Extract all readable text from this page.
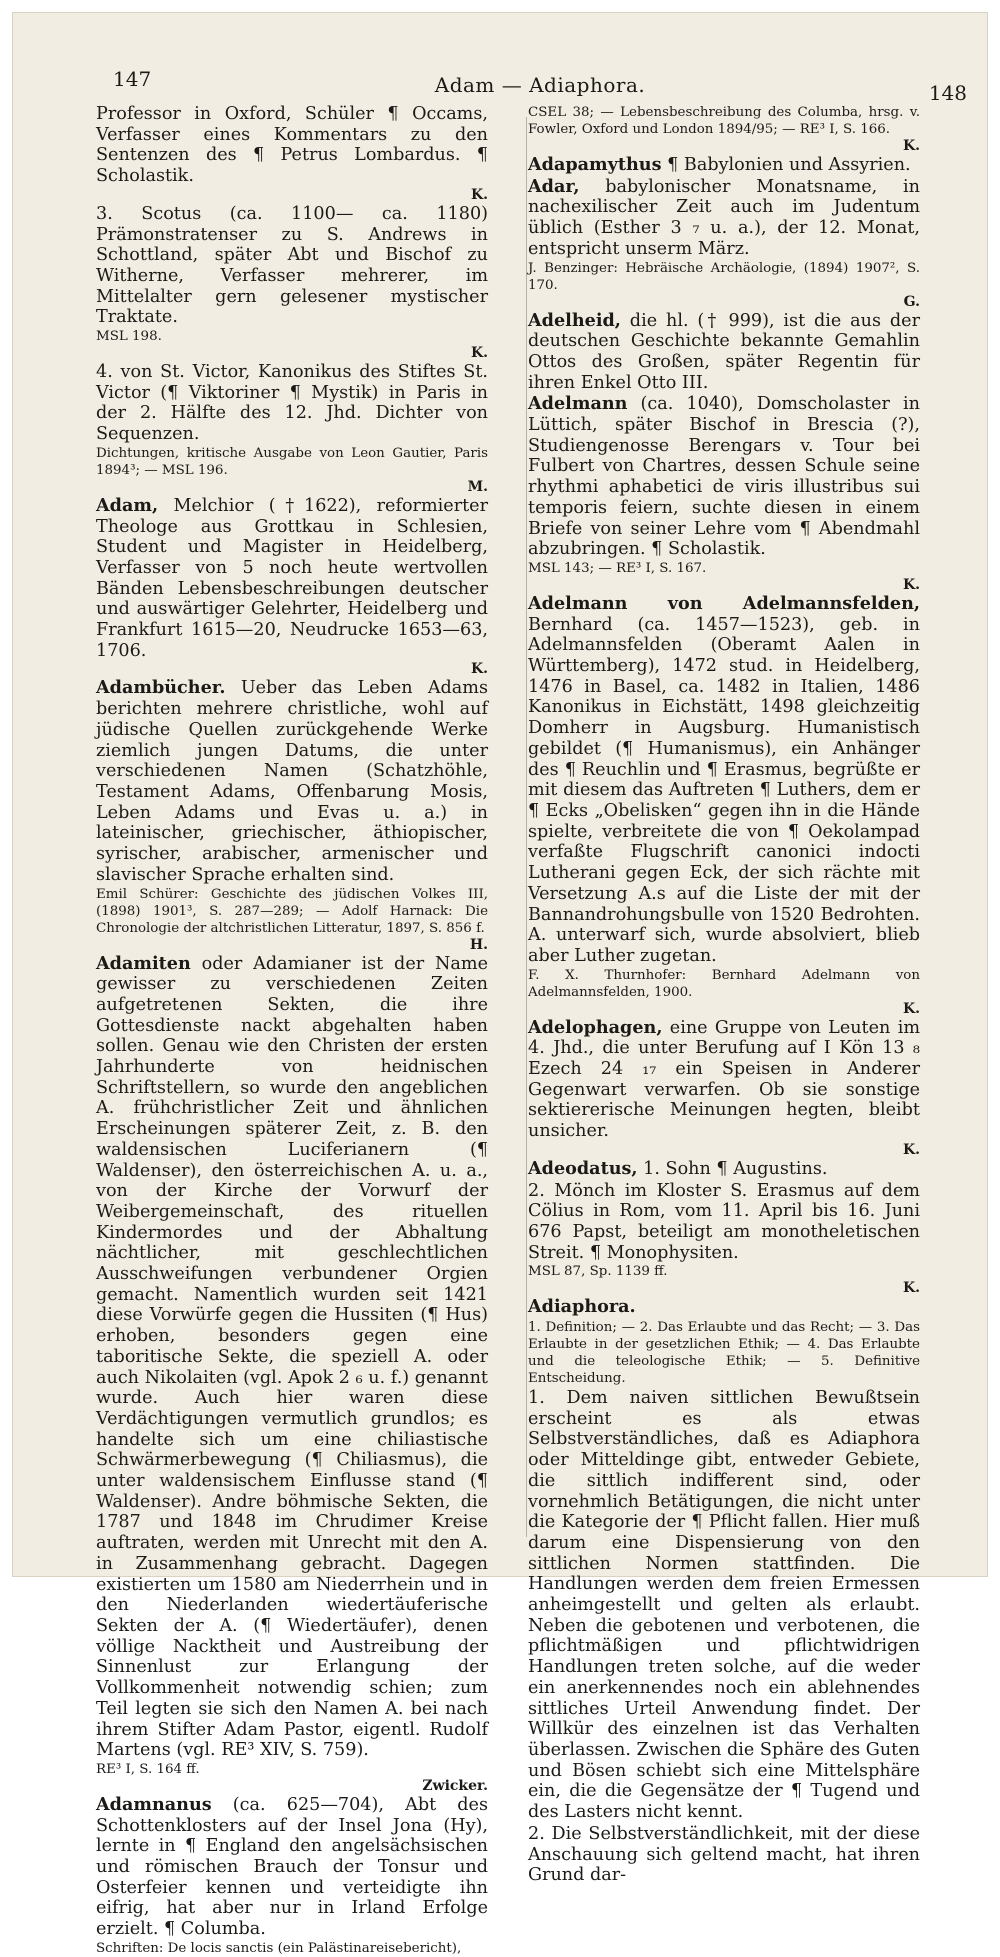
147	Adam — Adiaphora.	148

Professor in Oxford, Schüler ¶ Occams, Verfasser eines Kommentars zu den Sentenzen des ¶ Petrus Lombardus. ¶ Scholastik.

K.

3. Scotus (ca. 1100— ca. 1180) Prämonstratenser zu S. Andrews in Schottland, später Abt und Bischof zu Witherne, Verfasser mehrerer, im Mittelalter gern gelesener mystischer Traktate.

MSL 198.

K.

4. von St. Victor, Kanonikus des Stiftes St. Victor (¶ Viktoriner ¶ Mystik) in Paris in der 2. Hälfte des 12. Jhd. Dichter von Sequenzen.

Dichtungen, kritische Ausgabe von Leon Gautier, Paris 1894³; — MSL 196.

M.

Adam, Melchior (†1622), reformierter Theologe aus Grottkau in Schlesien, Student und Magister in Heidelberg, Verfasser von 5 noch heute wertvollen Bänden Lebensbeschreibungen deutscher und auswärtiger Gelehrter, Heidelberg und Frankfurt 1615—20, Neudrucke 1653—63, 1706.

K.

Adambücher. Ueber das Leben Adams berichten mehrere christliche, wohl auf jüdische Quellen zurückgehende Werke ziemlich jungen Datums, die unter verschiedenen Namen (Schatzhöhle, Testament Adams, Offenbarung Mosis, Leben Adams und Evas u. a.) in lateinischer, griechischer, äthiopischer, syrischer, arabischer, armenischer und slavischer Sprache erhalten sind.

Emil Schürer: Geschichte des jüdischen Volkes III, (1898) 1901³, S. 287—289; — Adolf Harnack: Die Chronologie der altchristlichen Litteratur, 1897, S. 856 f.

H.

Adamiten oder Adamianer ist der Name gewisser zu verschiedenen Zeiten aufgetretenen Sekten, die ihre Gottesdienste nackt abgehalten haben sollen. Genau wie den Christen der ersten Jahrhunderte von heidnischen Schriftstellern, so wurde den angeblichen A. frühchristlicher Zeit und ähnlichen Erscheinungen späterer Zeit, z. B. den waldensischen Luciferianern (¶ Waldenser), den österreichischen A. u. a., von der Kirche der Vorwurf der Weibergemeinschaft, des rituellen Kindermordes und der Abhaltung nächtlicher, mit geschlechtlichen Ausschweifungen verbundener Orgien gemacht. Namentlich wurden seit 1421 diese Vorwürfe gegen die Hussiten (¶ Hus) erhoben, besonders gegen eine taboritische Sekte, die speziell A. oder auch Nikolaiten (vgl. Apok 2 ₆ u. f.) genannt wurde. Auch hier waren diese Verdächtigungen vermutlich grundlos; es handelte sich um eine chiliastische Schwärmerbewegung (¶ Chiliasmus), die unter waldensischem Einflusse stand (¶ Waldenser). Andre böhmische Sekten, die 1787 und 1848 im Chrudimer Kreise auftraten, werden mit Unrecht mit den A. in Zusammenhang gebracht. Dagegen existierten um 1580 am Niederrhein und in den Niederlanden wiedertäuferische Sekten der A. (¶ Wiedertäufer), denen völlige Nacktheit und Austreibung der Sinnenlust zur Erlangung der Vollkommenheit notwendig schien; zum Teil legten sie sich den Namen A. bei nach ihrem Stifter Adam Pastor, eigentl. Rudolf Martens (vgl. RE³ XIV, S. 759).

RE³ I, S. 164 ff.

Zwicker.

Adamnanus (ca. 625—704), Abt des Schottenklosters auf der Insel Jona (Hy), lernte in ¶ England den angelsächsischen und römischen Brauch der Tonsur und Osterfeier kennen und verteidigte ihn eifrig, hat aber nur in Irland Erfolge erzielt. ¶ Columba.

Schriften: De locis sanctis (ein Palästinareisebericht),

CSEL 38; — Lebensbeschreibung des Columba, hrsg. v. Fowler, Oxford und London 1894/95; — RE³ I, S. 166.

K.

Adapamythus ¶ Babylonien und Assyrien.

Adar, babylonischer Monatsname, in nachexilischer Zeit auch im Judentum üblich (Esther 3 ₇ u. a.), der 12. Monat, entspricht unserm März.

J. Benzinger: Hebräische Archäologie, (1894) 1907², S. 170.

G.

Adelheid, die hl. († 999), ist die aus der deutschen Geschichte bekannte Gemahlin Ottos des Großen, später Regentin für ihren Enkel Otto III.

Adelmann (ca. 1040), Domscholaster in Lüttich, später Bischof in Brescia (?), Studiengenosse Berengars v. Tour bei Fulbert von Chartres, dessen Schule seine rhythmi aphabetici de viris illustribus sui temporis feiern, suchte diesen in einem Briefe von seiner Lehre vom ¶ Abendmahl abzubringen. ¶ Scholastik.

MSL 143; — RE³ I, S. 167.

K.

Adelmann von Adelmannsfelden, Bernhard (ca. 1457—1523), geb. in Adelmannsfelden (Oberamt Aalen in Württemberg), 1472 stud. in Heidelberg, 1476 in Basel, ca. 1482 in Italien, 1486 Kanonikus in Eichstätt, 1498 gleichzeitig Domherr in Augsburg. Humanistisch gebildet (¶ Humanismus), ein Anhänger des ¶ Reuchlin und ¶ Erasmus, begrüßte er mit diesem das Auftreten ¶ Luthers, dem er ¶ Ecks „Obelisken“ gegen ihn in die Hände spielte, verbreitete die von ¶ Oekolampad verfaßte Flugschrift canonici indocti Lutherani gegen Eck, der sich rächte mit Versetzung A.s auf die Liste der mit der Bannandrohungsbulle von 1520 Bedrohten. A. unterwarf sich, wurde absolviert, blieb aber Luther zugetan.

F. X. Thurnhofer: Bernhard Adelmann von Adelmannsfelden, 1900.

K.

Adelophagen, eine Gruppe von Leuten im 4. Jhd., die unter Berufung auf I Kön 13 ₈ Ezech 24 ₁₇ ein Speisen in Anderer Gegenwart verwarfen. Ob sie sonstige sektiererische Meinungen hegten, bleibt unsicher.

K.

Adeodatus, 1. Sohn ¶ Augustins.

2. Mönch im Kloster S. Erasmus auf dem Cölius in Rom, vom 11. April bis 16. Juni 676 Papst, beteiligt am monotheletischen Streit. ¶ Monophysiten.

MSL 87, Sp. 1139 ff.

K.

Adiaphora.

1. Definition; — 2. Das Erlaubte und das Recht; — 3. Das Erlaubte in der gesetzlichen Ethik; — 4. Das Erlaubte und die teleologische Ethik; — 5. Definitive Entscheidung.

1. Dem naiven sittlichen Bewußtsein erscheint es als etwas Selbstverständliches, daß es Adiaphora oder Mitteldinge gibt, entweder Gebiete, die sittlich indifferent sind, oder vornehmlich Betätigungen, die nicht unter die Kategorie der ¶ Pflicht fallen. Hier muß darum eine Dispensierung von den sittlichen Normen stattfinden. Die Handlungen werden dem freien Ermessen anheimgestellt und gelten als erlaubt. Neben die gebotenen und verbotenen, die pflichtmäßigen und pflichtwidrigen Handlungen treten solche, auf die weder ein anerkennendes noch ein ablehnendes sittliches Urteil Anwendung findet. Der Willkür des einzelnen ist das Verhalten überlassen. Zwischen die Sphäre des Guten und Bösen schiebt sich eine Mittelsphäre ein, die die Gegensätze der ¶ Tugend und des Lasters nicht kennt.

2. Die Selbstverständlichkeit, mit der diese Anschauung sich geltend macht, hat ihren Grund dar-
